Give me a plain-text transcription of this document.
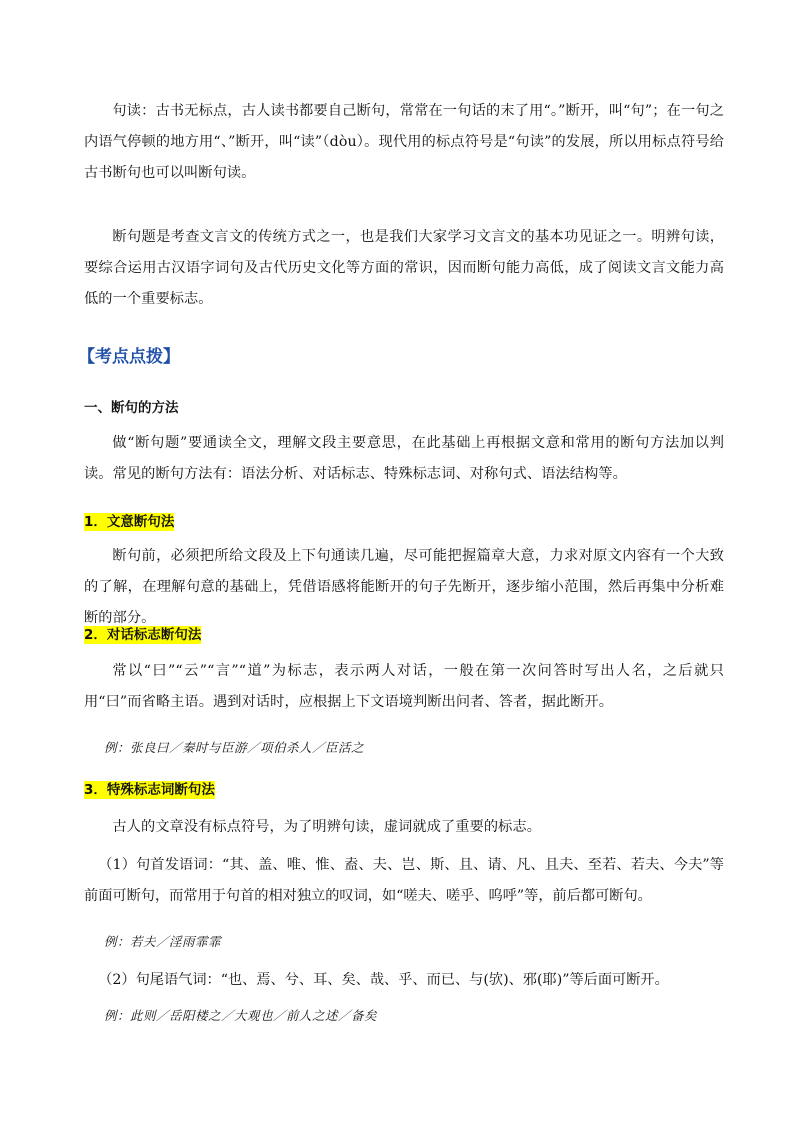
句读：古书无标点，古人读书都要自己断句，常常在一句话的末了用“。”断开，叫“句”；在一句之内语气停顿的地方用“、”断开，叫“读”（dòu）。现代用的标点符号是“句读”的发展，所以用标点符号给古书断句也可以叫断句读。

断句题是考查文言文的传统方式之一，也是我们大家学习文言文的基本功见证之一。明辨句读，要综合运用古汉语字词句及古代历史文化等方面的常识，因而断句能力高低，成了阅读文言文能力高低的一个重要标志。

【考点点拨】
一、断句的方法

做“断句题”要通读全文，理解文段主要意思，在此基础上再根据文意和常用的断句方法加以判读。常见的断句方法有：语法分析、对话标志、特殊标志词、对称句式、语法结构等。

1．文意断句法

断句前，必须把所给文段及上下句通读几遍，尽可能把握篇章大意，力求对原文内容有一个大致的了解，在理解句意的基础上，凭借语感将能断开的句子先断开，逐步缩小范围，然后再集中分析难断的部分。

2．对话标志断句法

常以“曰”“云”“言”“道”为标志，表示两人对话，一般在第一次问答时写出人名，之后就只用“曰”而省略主语。遇到对话时，应根据上下文语境判断出问者、答者，据此断开。

例：张良曰／秦时与臣游／项伯杀人／臣活之

3．特殊标志词断句法

古人的文章没有标点符号，为了明辨句读，虚词就成了重要的标志。

（1）句首发语词：“其、盖、唯、惟、盍、夫、岂、斯、且、请、凡、且夫、至若、若夫、今夫”等前面可断句，而常用于句首的相对独立的叹词，如“嗟夫、嗟乎、呜呼”等，前后都可断句。

例：若夫／淫雨霏霏

（2）句尾语气词：“也、焉、兮、耳、矣、哉、乎、而已、与(欤)、邪(耶)”等后面可断开。

例：此则／岳阳楼之／大观也／前人之述／备矣
